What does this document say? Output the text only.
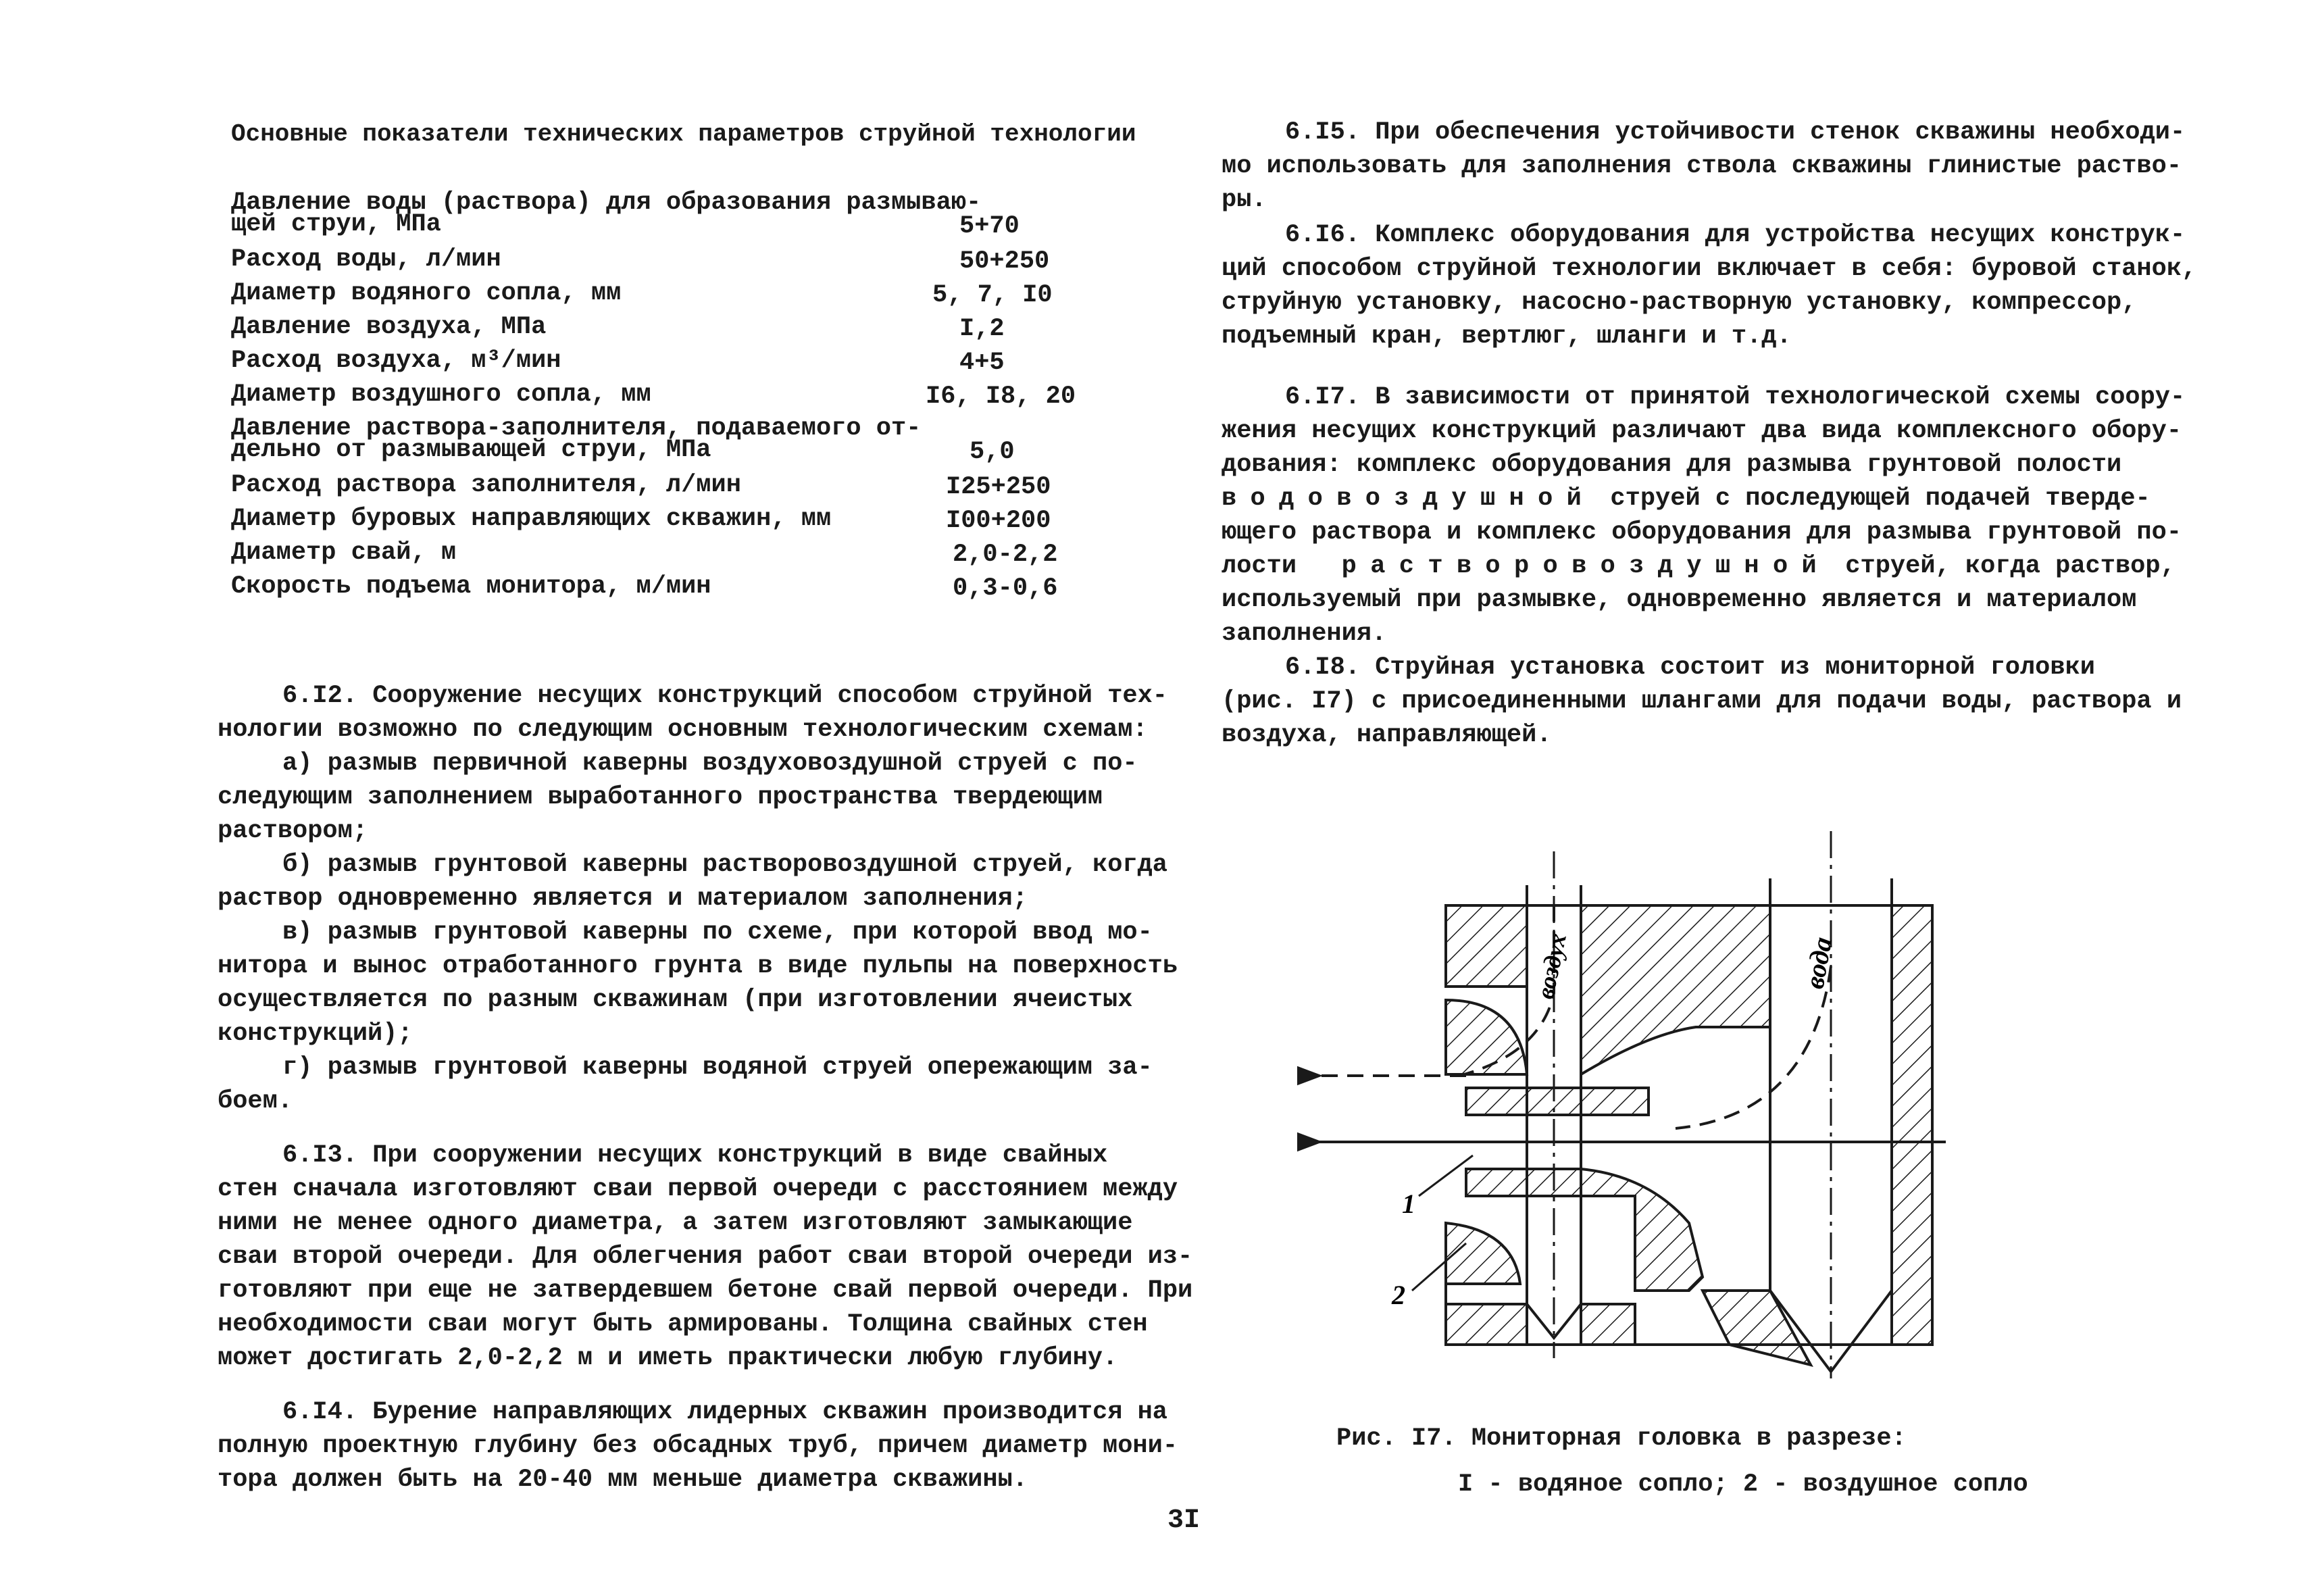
Основные показатели технических параметров струйной технологии
Давление воды (раствора) для образования размываю-
щей струи, МПа	5+70
Расход воды, л/мин	50+250
Диаметр водяного сопла, мм	5, 7, I0
Давление воздуха, МПа	I,2
Расход воздуха, м³/мин	4+5
Диаметр воздушного сопла, мм	I6, I8, 20
Давление раствора-заполнителя, подаваемого от-
дельно от размывающей струи, МПа	5,0
Расход раствора заполнителя, л/мин	I25+250
Диаметр буровых направляющих скважин, мм	I00+200
Диаметр свай, м	2,0-2,2
Скорость подъема монитора, м/мин	0,3-0,6
6.I2. Сооружение несущих конструкций способом струйной тех-
нологии возможно по следующим основным технологическим схемам:
а) размыв первичной каверны воздуховоздушной струей с по-
следующим заполнением выработанного пространства твердеющим
раствором;
б) размыв грунтовой каверны растворовоздушной струей, когда
раствор одновременно является и материалом заполнения;
в) размыв грунтовой каверны по схеме, при которой ввод мо-
нитора и вынос отработанного грунта в виде пульпы на поверхность
осуществляется по разным скважинам (при изготовлении ячеистых
конструкций);
г) размыв грунтовой каверны водяной струей опережающим за-
боем.
6.I3. При сооружении несущих конструкций в виде свайных
стен сначала изготовляют сваи первой очереди с расстоянием между
ними не менее одного диаметра, а затем изготовляют замыкающие
сваи второй очереди. Для облегчения работ сваи второй очереди из-
готовляют при еще не затвердевшем бетоне свай первой очереди. При
необходимости сваи могут быть армированы. Толщина свайных стен
может достигать 2,0-2,2 м и иметь практически любую глубину.
6.I4. Бурение направляющих лидерных скважин производится на
полную проектную глубину без обсадных труб, причем диаметр мони-
тора должен быть на 20-40 мм меньше диаметра скважины.
3I
6.I5. При обеспечения устойчивости стенок скважины необходи-
мо использовать для заполнения ствола скважины глинистые раство-
ры.
6.I6. Комплекс оборудования для устройства несущих конструк-
ций способом струйной технологии включает в себя: буровой станок,
струйную установку, насосно-растворную установку, компрессор,
подъемный кран, вертлюг, шланги и т.д.
6.I7. В зависимости от принятой технологической схемы соору-
жения несущих конструкций различают два вида комплексного обору-
дования: комплекс оборудования для размыва грунтовой полости
водовоздушной струей с последующей подачей тверде-
ющего раствора и комплекс оборудования для размыва грунтовой по-
лости растворовоздушной струей, когда раствор,
используемый при размывке, одновременно является и материалом
заполнения.
6.I8. Струйная установка состоит из мониторной головки
(рис. I7) с присоединенными шлангами для подачи воды, раствора и
воздуха, направляющей.
воздух	вода
1
2
Рис. I7. Мониторная головка в разрезе:
I - водяное сопло; 2 - воздушное сопло
